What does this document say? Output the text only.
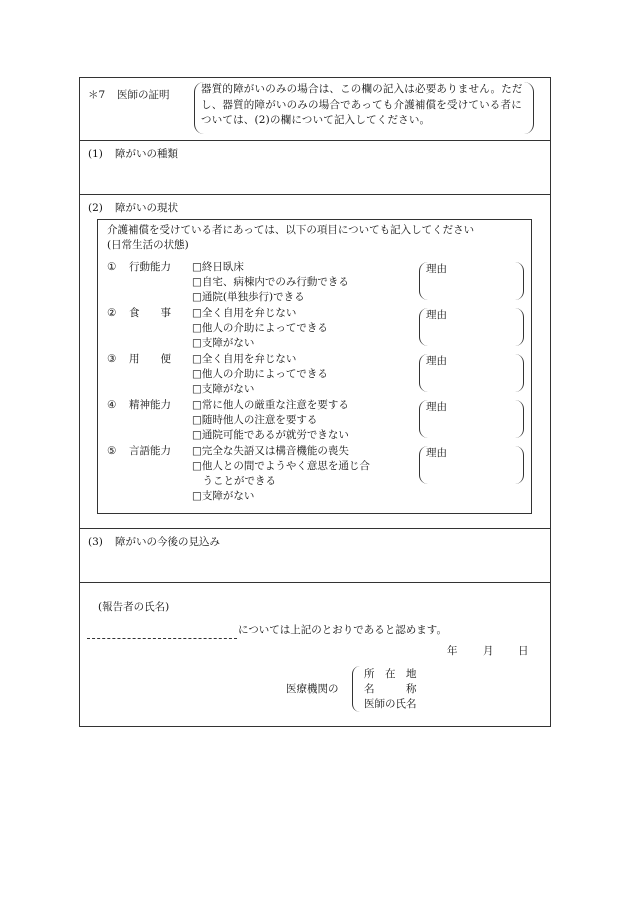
＊7 医師の証明	器質的障がいのみの場合は、この欄の記入は必要ありません。ただし、器質的障がいのみの場合であっても介護補償を受けている者については、(2)の欄について記入してください。
(1) 障がいの種類
(2) 障がいの現状
介護補償を受けている者にあっては、以下の項目についても記入してください
(日常生活の状態)
① 行動能力 □終日臥床
□自宅、病棟内でのみ行動できる
□通院(単独歩行)できる
理由
② 食　　事 □全く自用を弁じない
□他人の介助によってできる
□支障がない
理由
③ 用　　便 □全く自用を弁じない
□他人の介助によってできる
□支障がない
理由
④ 精神能力 □常に他人の厳重な注意を要する
□随時他人の注意を要する
□通院可能であるが就労できない
理由
⑤ 言語能力 □完全な失語又は構音機能の喪失
□他人との間でようやく意思を通じ合
　うことができる
□支障がない
理由
(3) 障がいの今後の見込み
(報告者の氏名)
については上記のとおりであると認めます。
年 月 日
医療機関の
所　在　地
名　　　称
医師の氏名
